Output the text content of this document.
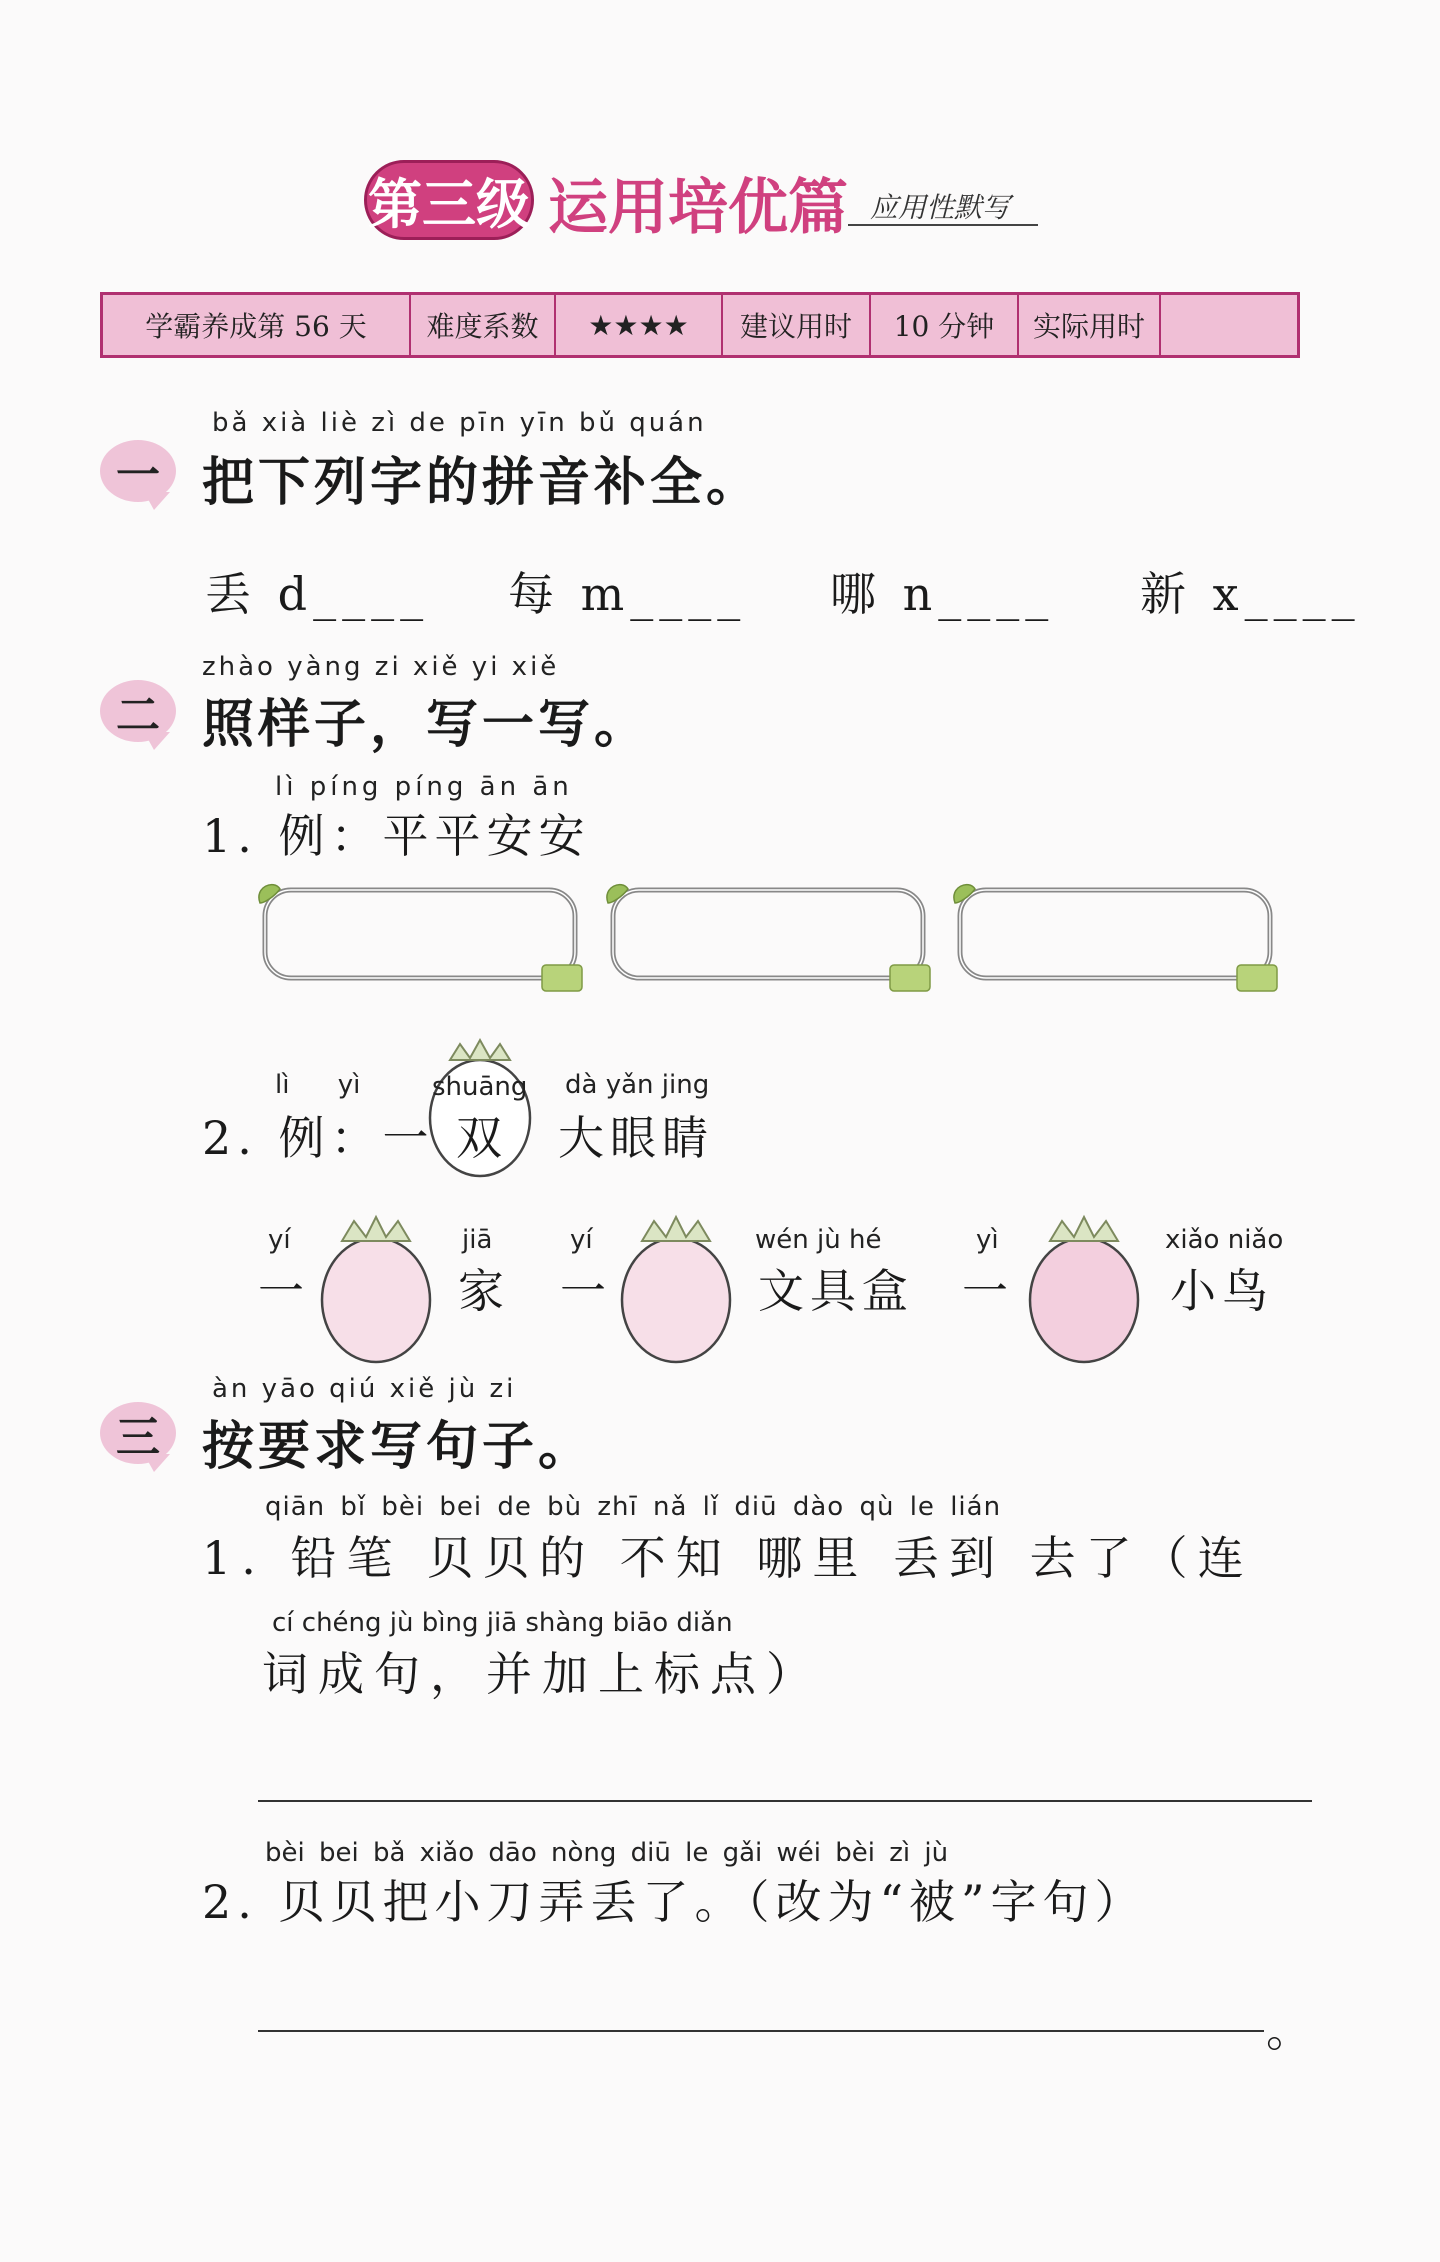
第三级 运用培优篇 应用性默写
学霸养成第 56 天	难度系数	★★★★	建议用时	10 分钟	实际用时
一
bǎ xià liè zì de pīn yīn bǔ quán
把下列字的拼音补全。
丢 d____ 每 m____ 哪 n____ 新 x____
二
zhào yàng zi xiě yi xiě
照样子，写一写。
lì píng píng ān ān
1. 例：平平安安
lì yì	shuāng
双
2. 例：一
dà yǎn jing
大眼睛
yí
一
jiā
家
yí
一
wén jù hé
文具盒
yì
一
xiǎo niǎo
小鸟
三
àn yāo qiú xiě jù zi
按要求写句子。
qiān bǐ bèi bei de bù zhī nǎ lǐ diū dào qù le lián
1. 铅笔 贝贝的 不知 哪里 丢到 去了（连
cí chéng jù bìng jiā shàng biāo diǎn
词成句，并加上标点）
bèi bei bǎ xiǎo dāo nòng diū le gǎi wéi bèi zì jù
2. 贝贝把小刀弄丢了。（改为“被”字句）
。
